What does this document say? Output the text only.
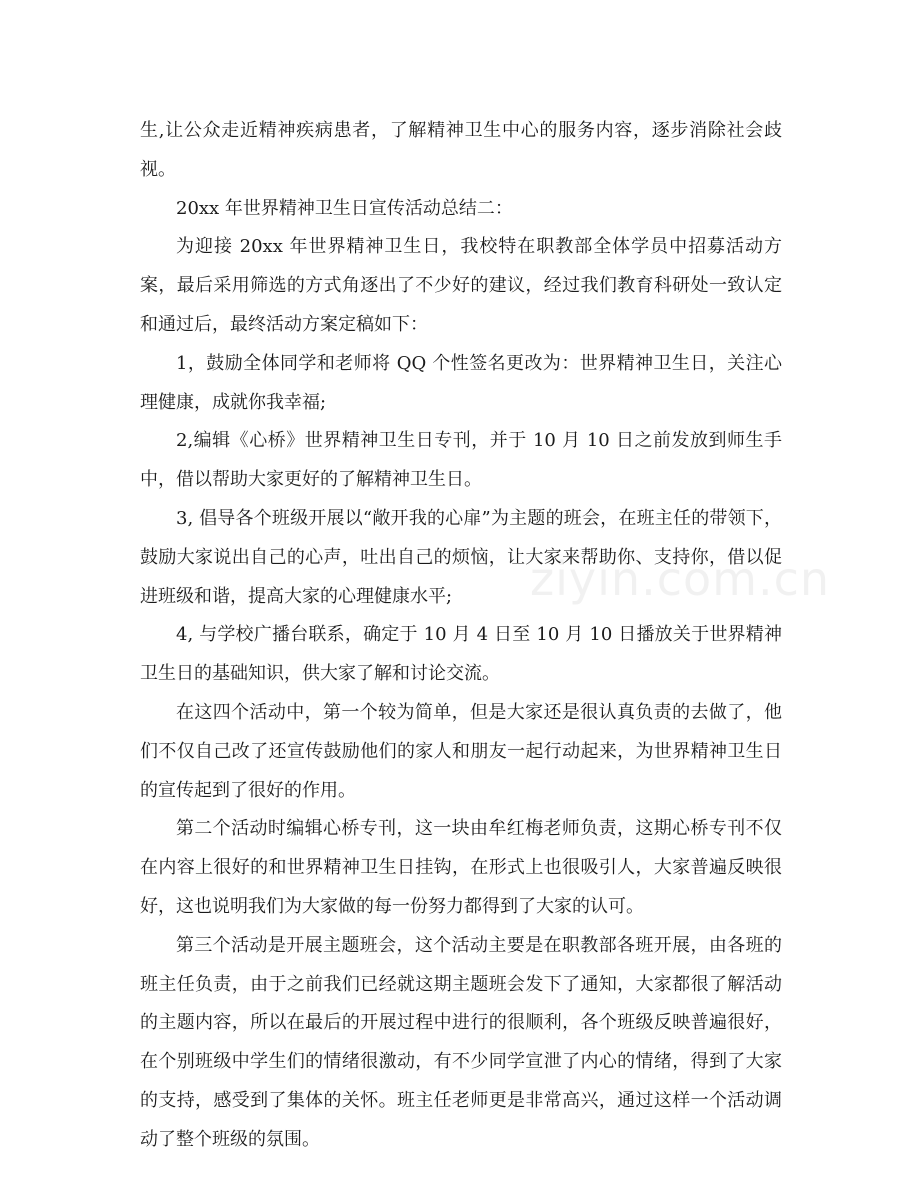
生,让公众走近精神疾病患者，了解精神卫生中心的服务内容，逐步消除社会歧视。

20xx 年世界精神卫生日宣传活动总结二：

为迎接 20xx 年世界精神卫生日，我校特在职教部全体学员中招募活动方案，最后采用筛选的方式角逐出了不少好的建议，经过我们教育科研处一致认定和通过后，最终活动方案定稿如下：

1，鼓励全体同学和老师将 QQ 个性签名更改为：世界精神卫生日，关注心理健康，成就你我幸福;

2,编辑《心桥》世界精神卫生日专刊，并于 10 月 10 日之前发放到师生手中，借以帮助大家更好的了解精神卫生日。

3, 倡导各个班级开展以“敞开我的心扉”为主题的班会，在班主任的带领下，鼓励大家说出自己的心声，吐出自己的烦恼，让大家来帮助你、支持你，借以促进班级和谐，提高大家的心理健康水平;

4, 与学校广播台联系，确定于 10 月 4 日至 10 月 10 日播放关于世界精神卫生日的基础知识，供大家了解和讨论交流。

在这四个活动中，第一个较为简单，但是大家还是很认真负责的去做了，他们不仅自己改了还宣传鼓励他们的家人和朋友一起行动起来，为世界精神卫生日的宣传起到了很好的作用。

第二个活动时编辑心桥专刊，这一块由牟红梅老师负责，这期心桥专刊不仅在内容上很好的和世界精神卫生日挂钩，在形式上也很吸引人，大家普遍反映很好，这也说明我们为大家做的每一份努力都得到了大家的认可。

第三个活动是开展主题班会，这个活动主要是在职教部各班开展，由各班的班主任负责，由于之前我们已经就这期主题班会发下了通知，大家都很了解活动的主题内容，所以在最后的开展过程中进行的很顺利，各个班级反映普遍很好，在个别班级中学生们的情绪很激动，有不少同学宣泄了内心的情绪，得到了大家的支持，感受到了集体的关怀。班主任老师更是非常高兴，通过这样一个活动调动了整个班级的氛围。

ziyin.com.cn
